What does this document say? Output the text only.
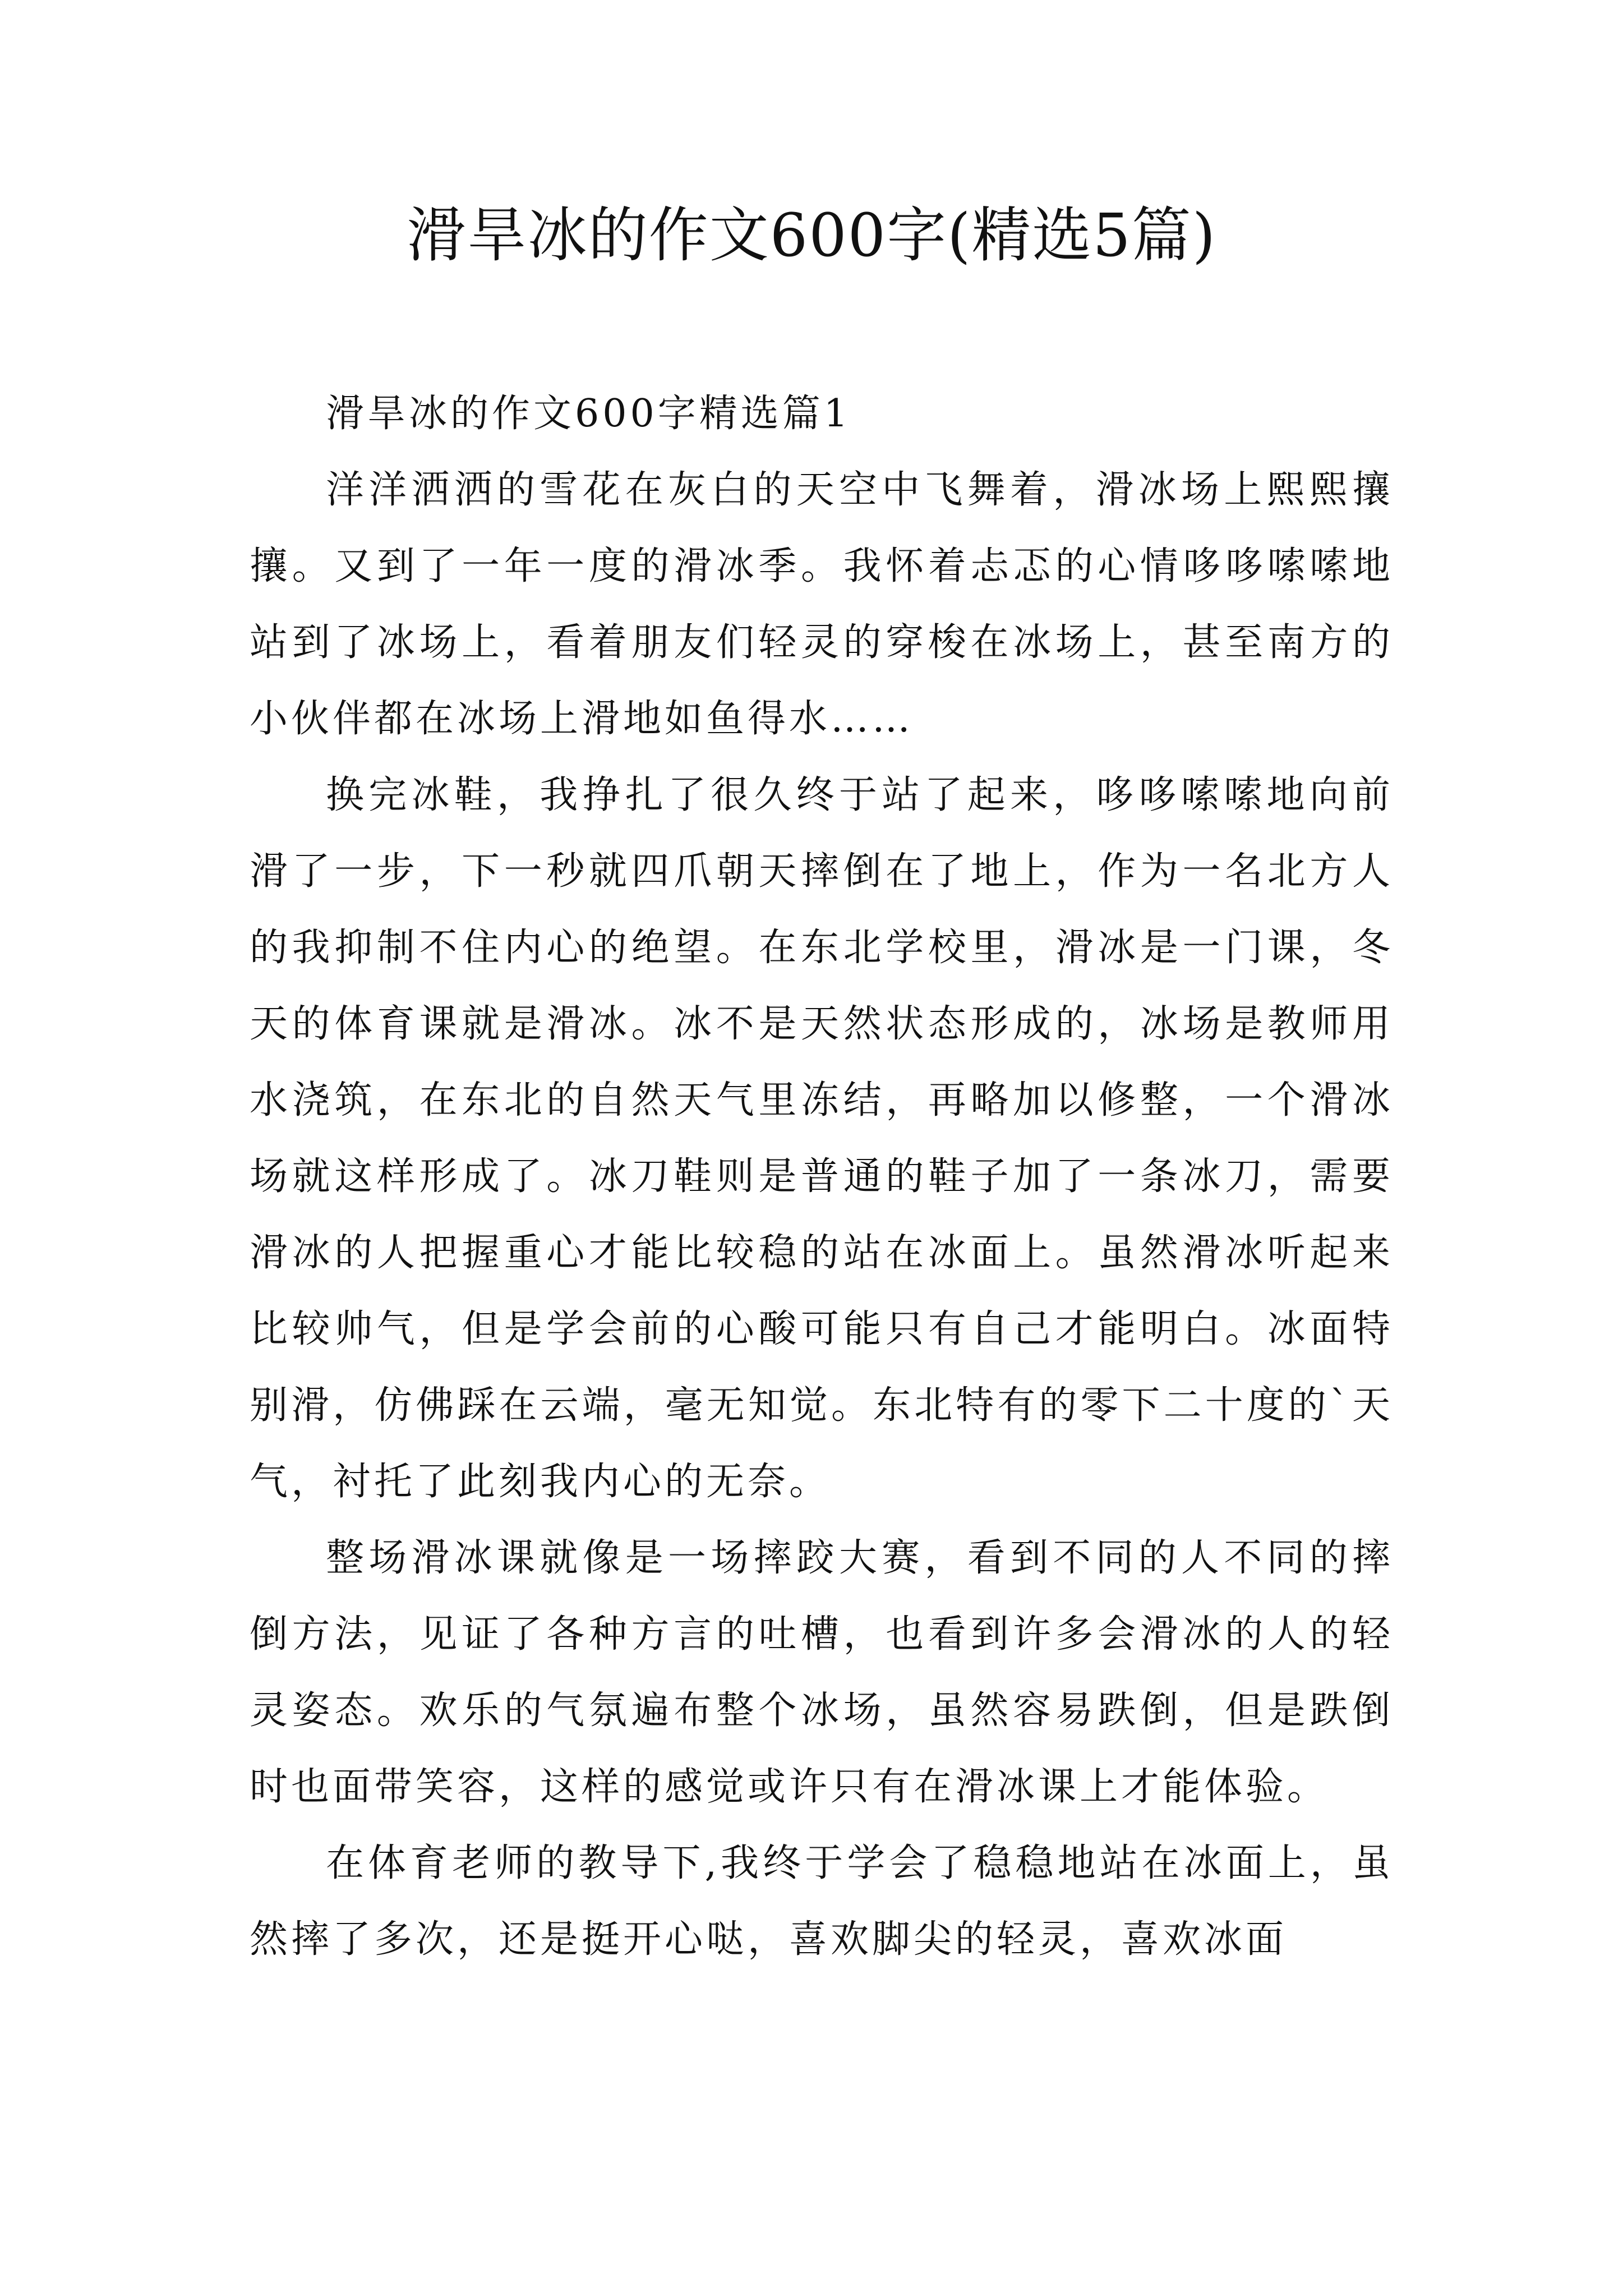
滑旱冰的作文600字(精选5篇)

滑旱冰的作文600字精选篇1

洋洋洒洒的雪花在灰白的天空中飞舞着，滑冰场上熙熙攘攘。又到了一年一度的滑冰季。我怀着忐忑的心情哆哆嗦嗦地站到了冰场上，看着朋友们轻灵的穿梭在冰场上，甚至南方的小伙伴都在冰场上滑地如鱼得水……

换完冰鞋，我挣扎了很久终于站了起来，哆哆嗦嗦地向前滑了一步，下一秒就四爪朝天摔倒在了地上，作为一名北方人的我抑制不住内心的绝望。在东北学校里，滑冰是一门课，冬天的体育课就是滑冰。冰不是天然状态形成的，冰场是教师用水浇筑，在东北的自然天气里冻结，再略加以修整，一个滑冰场就这样形成了。冰刀鞋则是普通的鞋子加了一条冰刀，需要滑冰的人把握重心才能比较稳的站在冰面上。虽然滑冰听起来比较帅气，但是学会前的心酸可能只有自己才能明白。冰面特别滑，仿佛踩在云端，毫无知觉。东北特有的零下二十度的`天气，衬托了此刻我内心的无奈。

整场滑冰课就像是一场摔跤大赛，看到不同的人不同的摔倒方法，见证了各种方言的吐槽，也看到许多会滑冰的人的轻灵姿态。欢乐的气氛遍布整个冰场，虽然容易跌倒，但是跌倒时也面带笑容，这样的感觉或许只有在滑冰课上才能体验。

在体育老师的教导下,我终于学会了稳稳地站在冰面上，虽然摔了多次，还是挺开心哒，喜欢脚尖的轻灵，喜欢冰面
